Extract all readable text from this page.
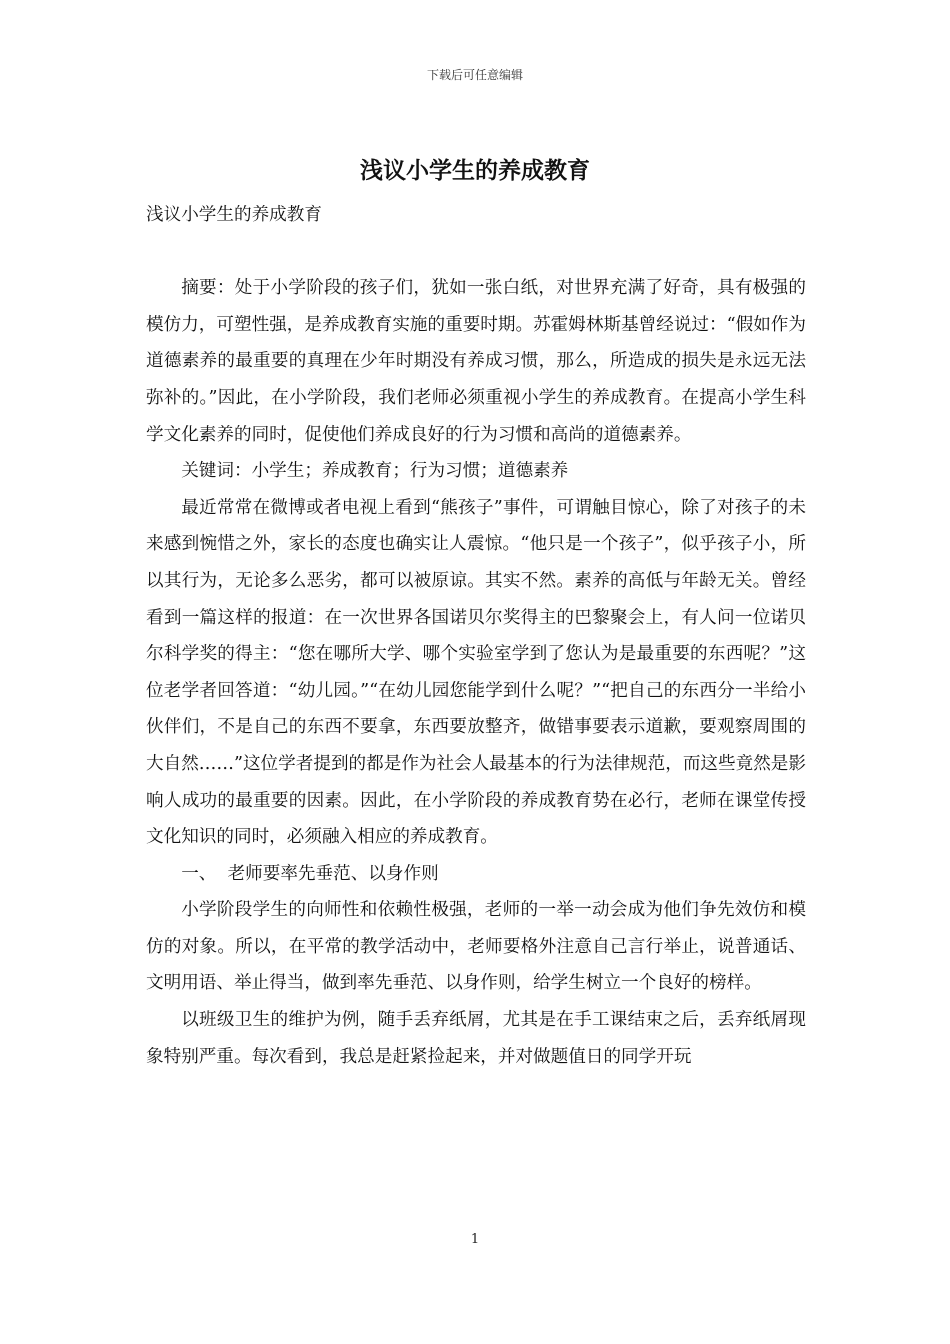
下载后可任意编辑
浅议小学生的养成教育

浅议小学生的养成教育

摘要：处于小学阶段的孩子们，犹如一张白纸，对世界充满了好奇，具有极强的模仿力，可塑性强，是养成教育实施的重要时期。苏霍姆林斯基曾经说过：“假如作为道德素养的最重要的真理在少年时期没有养成习惯，那么，所造成的损失是永远无法弥补的。”因此，在小学阶段，我们老师必须重视小学生的养成教育。在提高小学生科学文化素养的同时，促使他们养成良好的行为习惯和高尚的道德素养。

关键词：小学生；养成教育；行为习惯；道德素养

最近常常在微博或者电视上看到“熊孩子”事件，可谓触目惊心，除了对孩子的未来感到惋惜之外，家长的态度也确实让人震惊。“他只是一个孩子”，似乎孩子小，所以其行为，无论多么恶劣，都可以被原谅。其实不然。素养的高低与年龄无关。曾经看到一篇这样的报道：在一次世界各国诺贝尔奖得主的巴黎聚会上，有人问一位诺贝尔科学奖的得主：“您在哪所大学、哪个实验室学到了您认为是最重要的东西呢？”这位老学者回答道：“幼儿园。”“在幼儿园您能学到什么呢？”“把自己的东西分一半给小伙伴们，不是自己的东西不要拿，东西要放整齐，做错事要表示道歉，要观察周围的大自然……”这位学者提到的都是作为社会人最基本的行为法律规范，而这些竟然是影响人成功的最重要的因素。因此，在小学阶段的养成教育势在必行，老师在课堂传授文化知识的同时，必须融入相应的养成教育。

一、  老师要率先垂范、以身作则

小学阶段学生的向师性和依赖性极强，老师的一举一动会成为他们争先效仿和模仿的对象。所以，在平常的教学活动中，老师要格外注意自己言行举止，说普通话、文明用语、举止得当，做到率先垂范、以身作则，给学生树立一个良好的榜样。

以班级卫生的维护为例，随手丢弃纸屑，尤其是在手工课结束之后，丢弃纸屑现象特别严重。每次看到，我总是赶紧捡起来，并对做题值日的同学开玩

1
